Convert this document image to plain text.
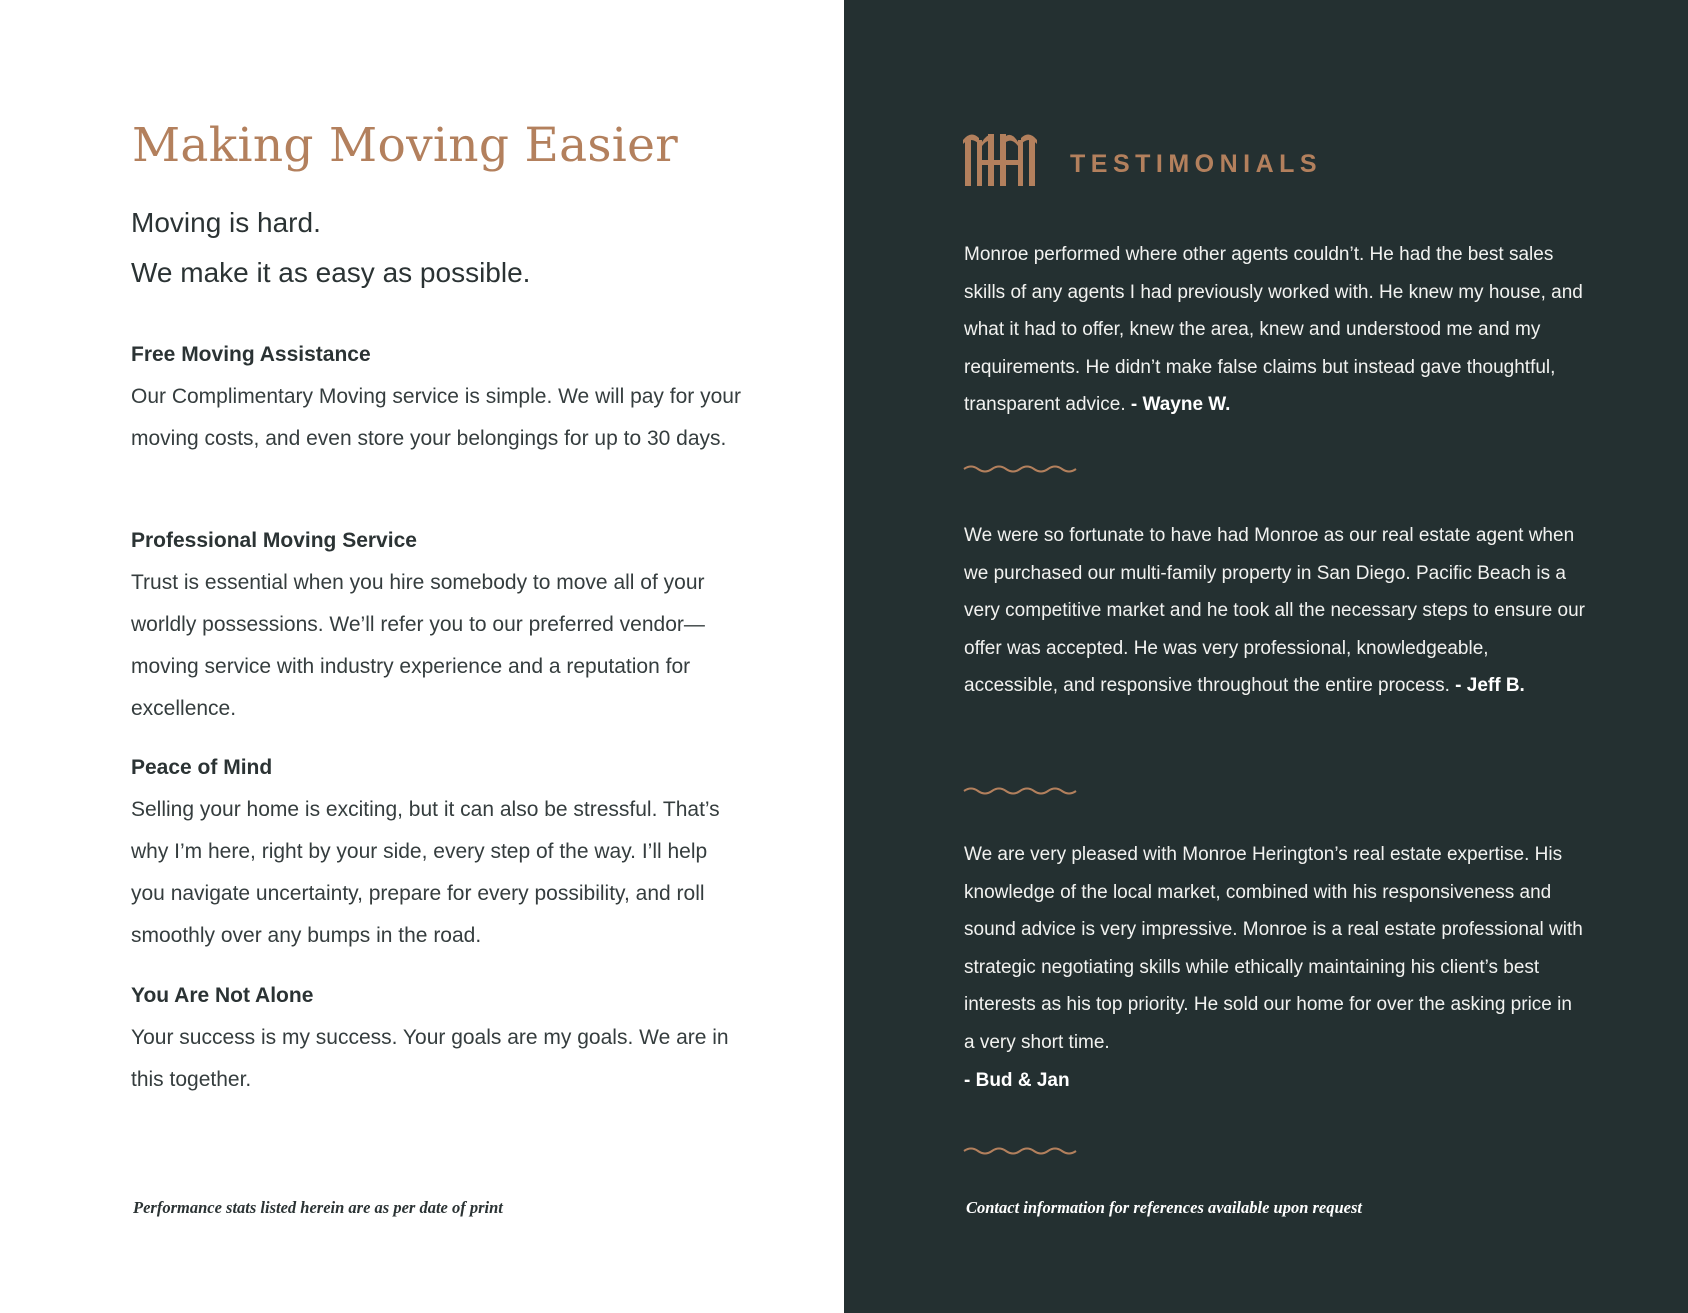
Making Moving Easier

Moving is hard.

We make it as easy as possible.

Free Moving Assistance

Our Complimentary Moving service is simple. We will pay for your moving costs, and even store your belongings for up to 30 days.

Professional Moving Service

Trust is essential when you hire somebody to move all of your worldly possessions. We’ll refer you to our preferred vendor—moving service with industry experience and a reputation for excellence.

Peace of Mind

Selling your home is exciting, but it can also be stressful. That’s why I’m here, right by your side, every step of the way. I’ll help you navigate uncertainty, prepare for every possibility, and roll smoothly over any bumps in the road.

You Are Not Alone

Your success is my success. Your goals are my goals. We are in this together.

Performance stats listed herein are as per date of print
TESTIMONIALS

Monroe performed where other agents couldn’t. He had the best sales skills of any agents I had previously worked with. He knew my house, and what it had to offer, knew the area, knew and understood me and my requirements. He didn’t make false claims but instead gave thoughtful, transparent advice. - Wayne W.

We were so fortunate to have had Monroe as our real estate agent when we purchased our multi-family property in San Diego. Pacific Beach is a very competitive market and he took all the necessary steps to ensure our offer was accepted. He was very professional, knowledgeable, accessible, and responsive throughout the entire process. - Jeff B.

We are very pleased with Monroe Herington’s real estate expertise. His knowledge of the local market, combined with his responsiveness and sound advice is very impressive. Monroe is a real estate professional with strategic negotiating skills while ethically maintaining his client’s best interests as his top priority. He sold our home for over the asking price in a very short time.
- Bud & Jan

Contact information for references available upon request
